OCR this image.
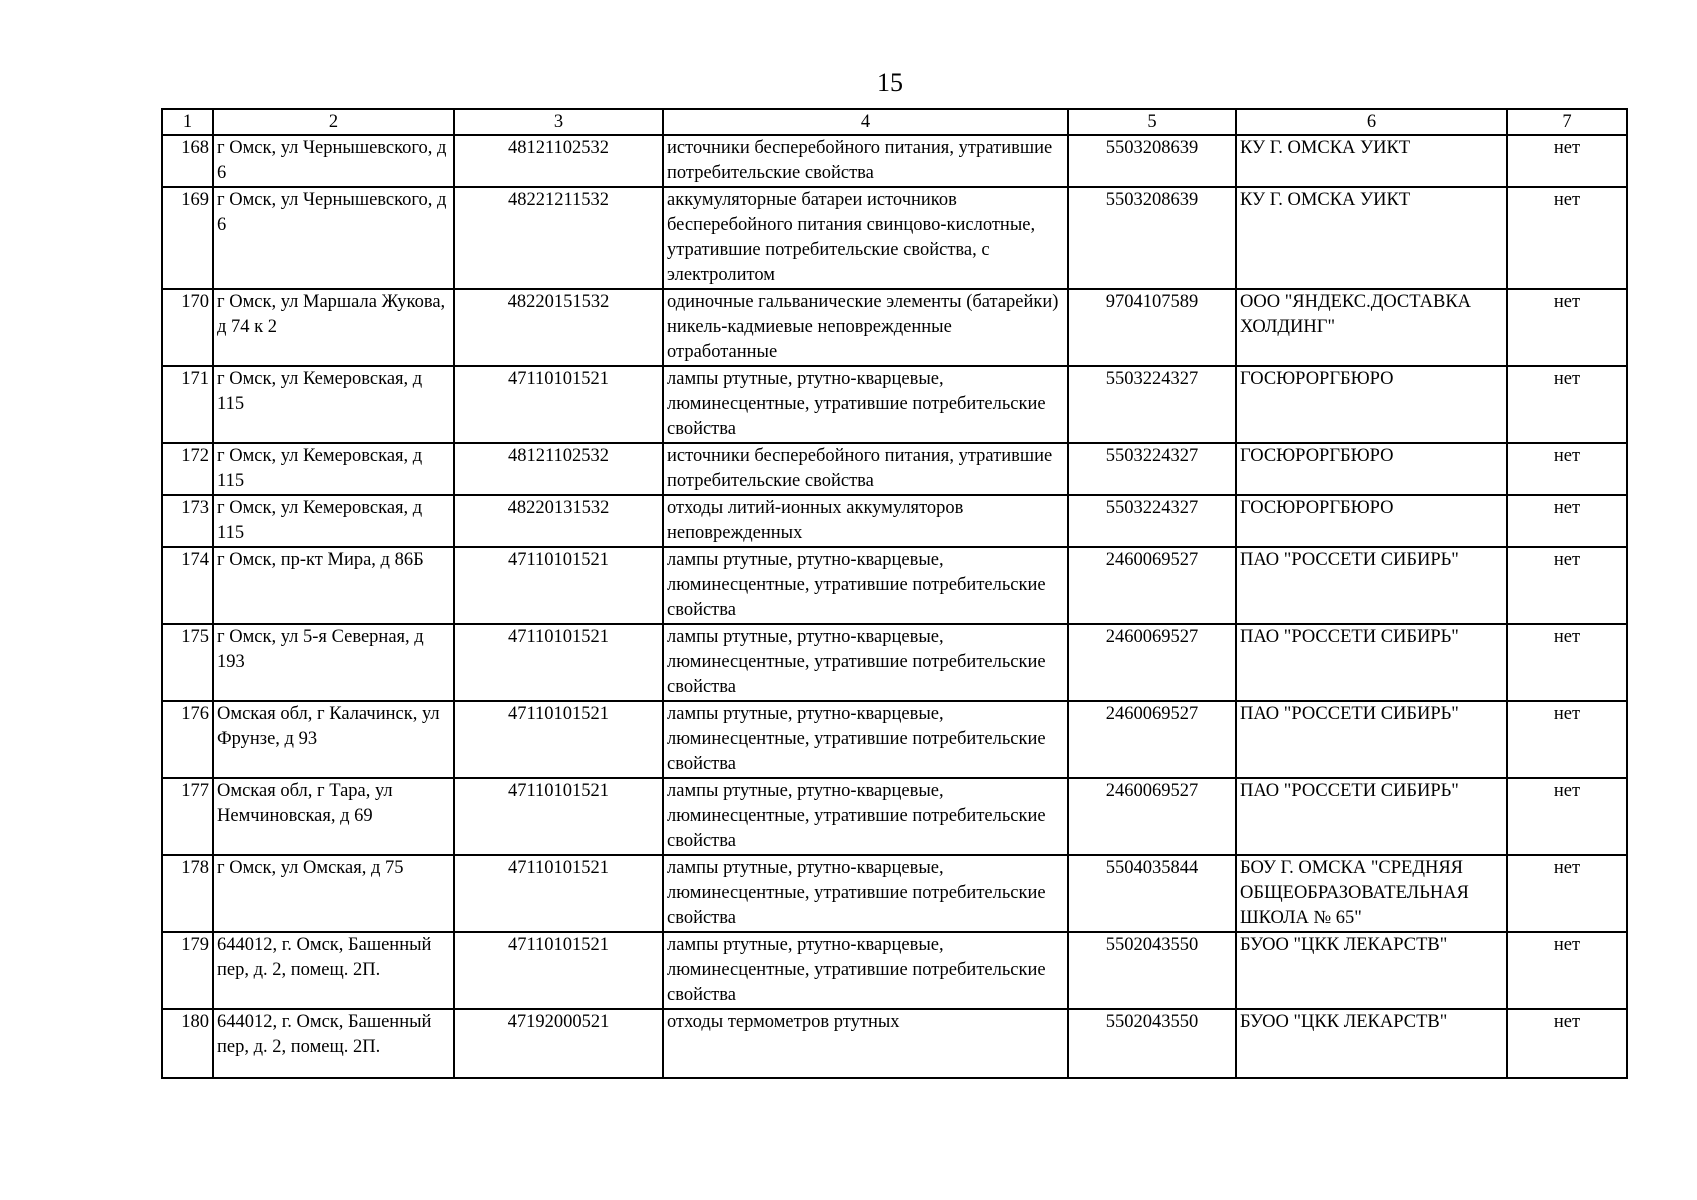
15
1	2	3	4	5	6	7
168	г Омск, ул Чернышевского, д 6	48121102532	источники бесперебойного питания, утратившие потребительские свойства	5503208639	КУ Г. ОМСКА УИКТ	нет
169	г Омск, ул Чернышевского, д 6	48221211532	аккумуляторные батареи источников бесперебойного питания свинцово-кислотные, утратившие потребительские свойства, с электролитом	5503208639	КУ Г. ОМСКА УИКТ	нет
170	г Омск, ул Маршала Жукова, д 74 к 2	48220151532	одиночные гальванические элементы (батарейки) никель-кадмиевые неповрежденные отработанные	9704107589	ООО "ЯНДЕКС.ДОСТАВКА ХОЛДИНГ"	нет
171	г Омск, ул Кемеровская, д 115	47110101521	лампы ртутные, ртутно-кварцевые, люминесцентные, утратившие потребительские свойства	5503224327	ГОСЮРОРГБЮРО	нет
172	г Омск, ул Кемеровская, д 115	48121102532	источники бесперебойного питания, утратившие потребительские свойства	5503224327	ГОСЮРОРГБЮРО	нет
173	г Омск, ул Кемеровская, д 115	48220131532	отходы литий-ионных аккумуляторов неповрежденных	5503224327	ГОСЮРОРГБЮРО	нет
174	г Омск, пр-кт Мира, д 86Б	47110101521	лампы ртутные, ртутно-кварцевые, люминесцентные, утратившие потребительские свойства	2460069527	ПАО "РОССЕТИ СИБИРЬ"	нет
175	г Омск, ул 5-я Северная, д 193	47110101521	лампы ртутные, ртутно-кварцевые, люминесцентные, утратившие потребительские свойства	2460069527	ПАО "РОССЕТИ СИБИРЬ"	нет
176	Омская обл, г Калачинск, ул Фрунзе, д 93	47110101521	лампы ртутные, ртутно-кварцевые, люминесцентные, утратившие потребительские свойства	2460069527	ПАО "РОССЕТИ СИБИРЬ"	нет
177	Омская обл, г Тара, ул Немчиновская, д 69	47110101521	лампы ртутные, ртутно-кварцевые, люминесцентные, утратившие потребительские свойства	2460069527	ПАО "РОССЕТИ СИБИРЬ"	нет
178	г Омск, ул Омская, д 75	47110101521	лампы ртутные, ртутно-кварцевые, люминесцентные, утратившие потребительские свойства	5504035844	БОУ Г. ОМСКА "СРЕДНЯЯ ОБЩЕОБРАЗОВАТЕЛЬНАЯ ШКОЛА № 65"	нет
179	644012, г. Омск, Башенный пер, д. 2, помещ. 2П.	47110101521	лампы ртутные, ртутно-кварцевые, люминесцентные, утратившие потребительские свойства	5502043550	БУОО "ЦКК ЛЕКАРСТВ"	нет
180	644012, г. Омск, Башенный пер, д. 2, помещ. 2П.	47192000521	отходы термометров ртутных	5502043550	БУОО "ЦКК ЛЕКАРСТВ"	нет
